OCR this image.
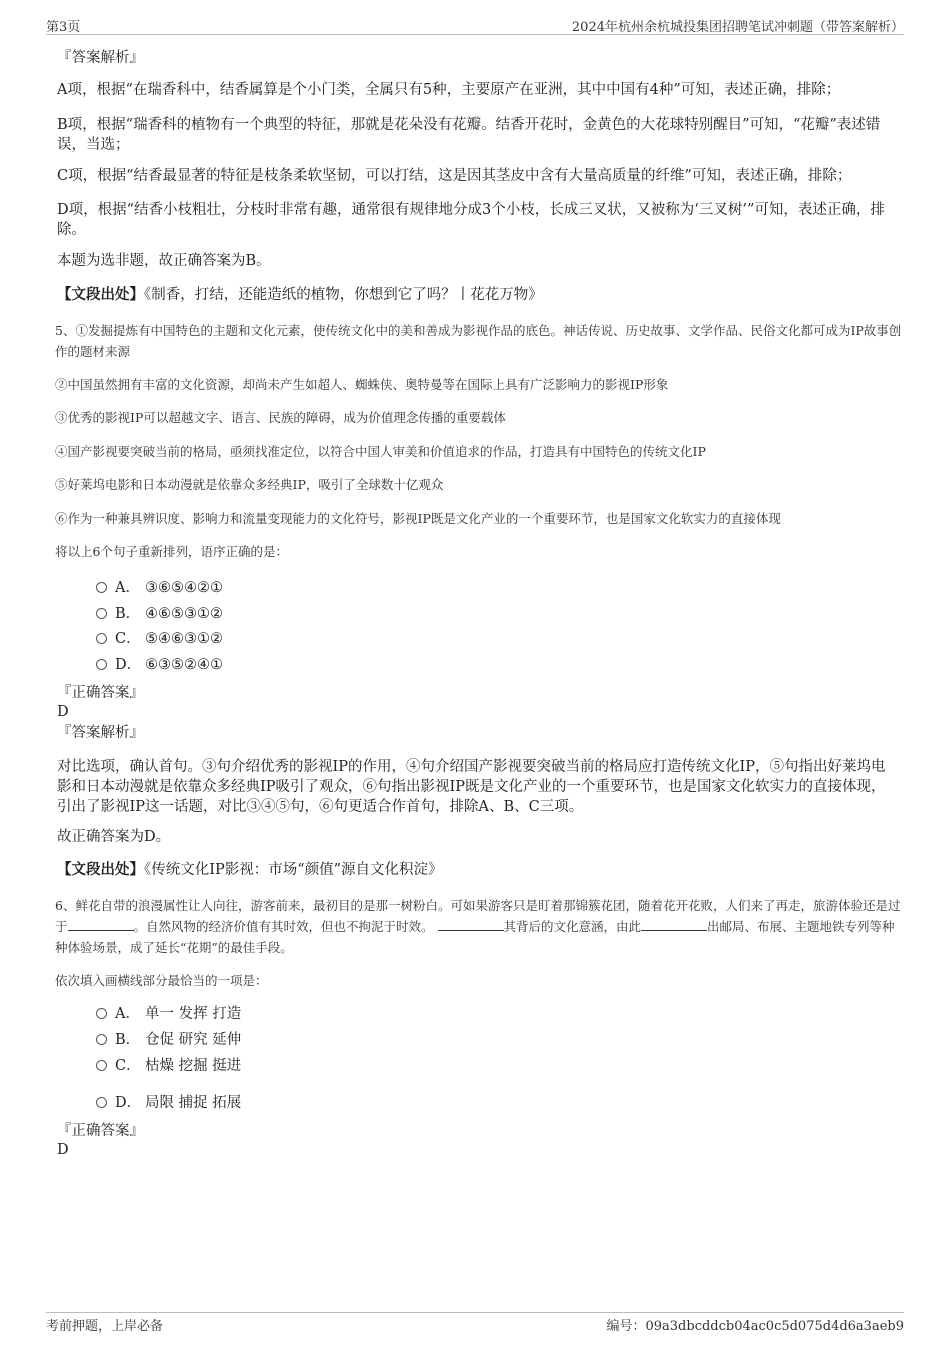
第3页	2024年杭州余杭城投集团招聘笔试冲刺题（带答案解析）
『答案解析』
A项，根据“在瑞香科中，结香属算是个小门类，全属只有5种，主要原产在亚洲，其中中国有4种”可知，表述正确，排除；
B项，根据“瑞香科的植物有一个典型的特征，那就是花朵没有花瓣。结香开花时，金黄色的大花球特别醒目”可知，“花瓣”表述错误，当选；
C项，根据“结香最显著的特征是枝条柔软坚韧，可以打结，这是因其茎皮中含有大量高质量的纤维”可知，表述正确，排除；
D项，根据“结香小枝粗壮，分枝时非常有趣，通常很有规律地分成3个小枝，长成三叉状，又被称为‘三叉树’”可知，表述正确，排除。
本题为选非题，故正确答案为B。
【文段出处】《制香，打结，还能造纸的植物，你想到它了吗？丨花花万物》
5、①发掘提炼有中国特色的主题和文化元素，使传统文化中的美和善成为影视作品的底色。神话传说、历史故事、文学作品、民俗文化都可成为IP故事创作的题材来源
②中国虽然拥有丰富的文化资源，却尚未产生如超人、蜘蛛侠、奥特曼等在国际上具有广泛影响力的影视IP形象
③优秀的影视IP可以超越文字、语言、民族的障碍，成为价值理念传播的重要载体
④国产影视要突破当前的格局，亟须找准定位，以符合中国人审美和价值追求的作品，打造具有中国特色的传统文化IP
⑤好莱坞电影和日本动漫就是依靠众多经典IP，吸引了全球数十亿观众
⑥作为一种兼具辨识度、影响力和流量变现能力的文化符号，影视IP既是文化产业的一个重要环节，也是国家文化软实力的直接体现
将以上6个句子重新排列，语序正确的是：
A． ③⑥⑤④②①
B． ④⑥⑤③①②
C． ⑤④⑥③①②
D． ⑥③⑤②④①
『正确答案』
D
『答案解析』
对比选项，确认首句。③句介绍优秀的影视IP的作用，④句介绍国产影视要突破当前的格局应打造传统文化IP，⑤句指出好莱坞电影和日本动漫就是依靠众多经典IP吸引了观众，⑥句指出影视IP既是文化产业的一个重要环节，也是国家文化软实力的直接体现，引出了影视IP这一话题，对比③④⑤句，⑥句更适合作首句，排除A、B、C三项。
故正确答案为D。
【文段出处】《传统文化IP影视：市场“颜值”源自文化积淀》
6、鲜花自带的浪漫属性让人向往，游客前来，最初目的是那一树粉白。可如果游客只是盯着那锦簇花团，随着花开花败，人们来了再走，旅游体验还是过于	。自然风物的经济价值有其时效，但也不拘泥于时效。	其背后的文化意涵，由此	出邮局、布展、主题地铁专列等种种体验场景，成了延长“花期”的最佳手段。
依次填入画横线部分最恰当的一项是：
A． 单一 发挥 打造
B． 仓促 研究 延伸
C． 枯燥 挖掘 挺进
D． 局限 捕捉 拓展
『正确答案』
D
考前押题，上岸必备	编号：09a3dbcddcb04ac0c5d075d4d6a3aeb9
